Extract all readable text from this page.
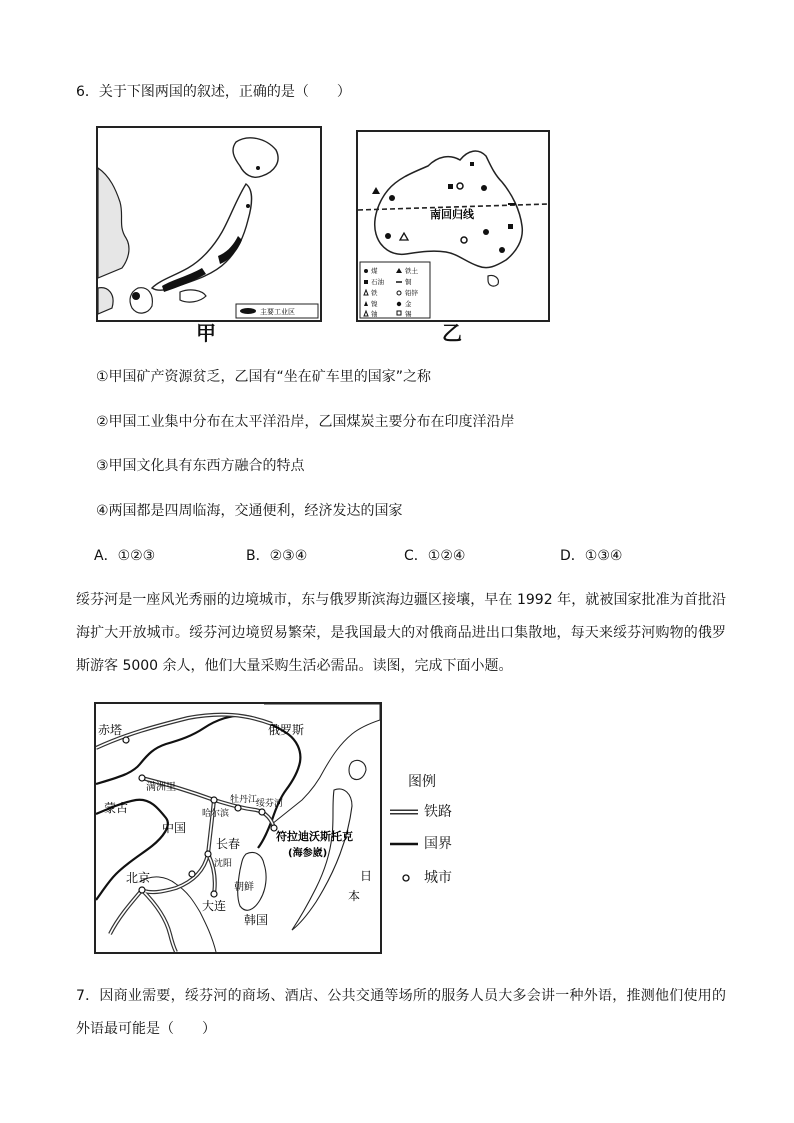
6．关于下图两国的叙述，正确的是（　　）
主要工业区
甲
南回归线
煤	铁土
石油	铜
铁	铅锌
镍	金
铀	锡
乙
①甲国矿产资源贫乏，乙国有“坐在矿车里的国家”之称
②甲国工业集中分布在太平洋沿岸，乙国煤炭主要分布在印度洋沿岸
③甲国文化具有东西方融合的特点
④两国都是四周临海，交通便利，经济发达的国家
A．①②③	B．②③④	C．①②④	D．①③④
绥芬河是一座风光秀丽的边境城市，东与俄罗斯滨海边疆区接壤，早在 1992 年，就被国家批准为首批沿海扩大开放城市。绥芬河边境贸易繁荣，是我国最大的对俄商品进出口集散地，每天来绥芬河购物的俄罗斯游客 5000 余人，他们大量采购生活必需品。读图，完成下面小题。
赤塔	俄罗斯
满洲里
蒙古
中国
哈尔滨
牡丹江
绥芬河
长春
沈阳
符拉迪沃斯托克
(海参崴)
北京
大连
朝鲜
韩国
日
本
图例
铁路
国界
城市
7．因商业需要，绥芬河的商场、酒店、公共交通等场所的服务人员大多会讲一种外语，推测他们使用的外语最可能是（　　）
